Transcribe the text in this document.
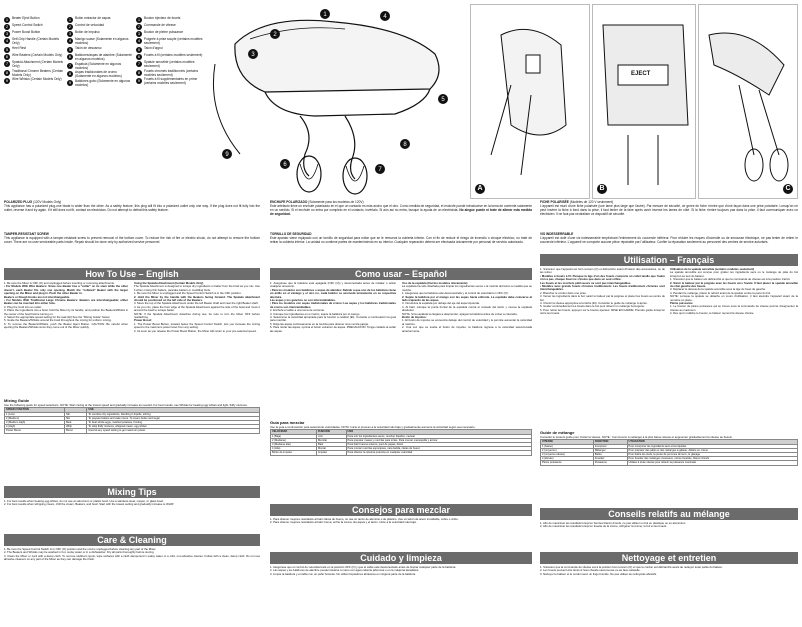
1	Beater Eject Button
2	Speed Control Switch
3	Power Boost Button
4	Self-Grip Handle (Certain Models Only)
5	Heel Rest
6	Wire Beaters (Certain Models Only)
7	Spatula Attachment (Certain Models Only)
8	Traditional Chrome Beaters (Certain Models Only)
9	Wire Whisks (Certain Models Only)
1	Botón extractor de aspas
2	Control de velocidad
3	Botón de impulso
4	Manigo suave (Solamente en algunos modelos)
5	Talón de descanso
6	Batidores/aspas de alambre (Solamente en algunos modelos)
7	Espátula (Solamente en algunos modelos)
8	Aspas tradicionales de cromo (Solamente en algunos modelos)
9	Batidores gobo (Solamente en algunos modelos)
1	Bouton éjecteur de fouets
2	Commande de vitesse
3	Bouton de pleine puissance
4	Poignée à prise souple (certains modèles seulement)
5	Talon d'appui
6	Fouets à fil (certains modèles seulement)
7	Spatule amovible (certains modèles seulement)
8	Fouets chromés traditionnels (certains modèles seulement)
9	Fouets à fil supplémentaires en prime (certains modèles seulement)
1
2
3
4
5
6
7
8
9
A
EJECT
B	C
POLARIZED PLUG (120V Models Only)
This appliance has a polarized plug-one blade is wider than the other. As a safety feature, this plug will fit into a polarized outlet only one way. If the plug does not fit fully into the outlet, reverse it and try again. If it still does not fit, contact an electrician. Do not attempt to defeat this safety feature.
ENCHUFE POLARIZADO (Solamente para los modelos de 120V)
Este artefacto tiene un enchufe polarizado en el que un contacto es más ancho que el otro. Como medida de seguridad, el enchufe puede introducirse en la toma de corriente solamente en un sentido. Si el enchufe no entra por completo en el contacto, invértalo. Si aún así no entra, busque la ayuda de un electricista. No alegue puede ni trate de alterar esta medida de seguridad.
FICHE POLARISÉE (Modèles de 120 V seulement)
L'appareil est muni d'une fiche polarisée (une lame plus large que l'autre). Par mesure de sécurité, ce genre de fiche n'entre que d'une façon dans une prise polarisée. Lorsqu'on ne peut insérer la fiche à fond dans la prise, il faut tenter de la faire après avoir inversé les lames de côté. Si la fiche n'entre toujours pas dans la prise, il faut communiquer avec un électricien. Il ne faut pas neutraliser ce dispositif de sécurité.
TAMPER-RESISTANT SCREW
This appliance is equipped with a tamper-resistant screw to prevent removal of the bottom cover. To reduce the risk of fire or electric shock, do not attempt to remove the bottom cover. There are no user serviceable parts inside. Repair should be done only by authorized service personnel.
TORNILLO DE SEGURIDAD
Este aparato viene equipado con un tornillo de seguridad para evitar que se le remueva la cubierta inferior. Con el fin de reducir el riesgo de incendio o choque eléctrico, no trate de retirar la cubierta inferior. La unidad no contiene partes de mantenimiento en su interior. Cualquier reparación deberá ser efectuada únicamente por personal de servicio autorizado.
VIS INDESSERRABLE
L'appareil est doté d'une vis indesserrable empêchant l'enlèvement du couvercle inférieur. Pour réduire les risques d'incendie ou de secousse électrique, ne pas tenter de retirer le couvercle inférieur. L'appareil ne comporte aucune pièce réparable par l'utilisateur. Confier la réparation seulement au personnel des centres de service autorisés.
How To Use – English
1. Be sure the Mixer is OFF (O) and unplugged before inserting or removing attachments.
• For Models With Wire Beaters: Since one Beater has a "collar" on its stem while the other doesn't, each Beater fits only one opening. Match the "collared" Beater with the larger opening on the Mixer and plug in. Push the other Beater in.
Beaters or Dough Hooks are not interchangeable.
• For Models With Traditional Large Chrome Beaters: Beaters are interchangeable; either Beater can be inserted into either hole.
2. Plug the Cord into an outlet.
3. Place the ingredients into a bowl, hold the Mixer by its handle, and position the Beaters/Whisks in the center of the bowl before turning on.
4. Select the appropriate speed setting for the task (EI) See the "Mixing Guide" below.
5. Guide the Beaters/Whisks around the bowl throughout the mixing for uniform mixing.
6. To remove the Beaters/Whisks, push the Beater Eject Button. CAUTION: Be careful when ejecting the Beaters/Whisks since they come out of the Mixer quickly.
Using the Spatula Attachment (Certain Models Only)
The Spatula Attachment is designed to scrape dry ingredients or batter from the bowl as you mix. Use it when mixing thin batters, pancake batters or muddling fruits.
1. Be sure the Mixer is unplugged and the Speed Control Switch is in the OFF position.
2. Hold the Mixer by the handle with the Beaters facing forward. The Spatula attachment should be positioned on the left side of the Beaters.
3. Move the top of the Spatula Attachment under the left Beater shaft and near the right Beater shaft.
4. As you mix, place the front edge of the Spatula Attachment against the side of the bowl and move it around the bowl to scrape batter.
NOTE: If the Spatula Attachment detaches during use, be sure to turn the Mixer OFF before reattaching.
Power Boost:
1. The Power Boost Button, located below the Speed Control Switch, lets you increase the mixing speed to the maximum power level from any setting.
2. As soon as you release the Power Boost Button, the Mixer will return to your pre-selected speed.
Mixing Guide
Use the following guide for speed selections. NOTE: Start mixing at the lowest speed and gradually increase as needed. For best results, use Whisks for beating egg whites and light, fluffy mixtures.
SPEED FUNCTION		USE
1 (Low)	Stir	To combine dry ingredients, blending in liquids, stirring
2 (Medium)	Mix	To prepare batters and cake mixes. To cream butter and sugar
3 (Medium High)	Beat	To beat whole eggs, mashed potatoes, frosting
4 (High)	Whip	To whip fluffy mixtures, whipped cream, egg whites
Power Boost	Boost	Used at any speed setting to get maximum power
Mixing Tips
1. For best results when beating egg whites, do not use an aluminum or plastic bowl. Use a stainless steel, copper, or glass bowl.
2. For best results when whipping cream, chill the cream, Beaters, and bowl. Start with the lowest setting and gradually increase to WHIP.
Care & Cleaning
1. Be sure the Speed Control Switch is in OFF (O) position and the cord is unplugged before cleaning any part of the Mixer.
2. The Beaters and Whisks may be washed in hot, sudsy water or in a dishwasher. Dry all parts thoroughly before storing.
3. Clean the Mixer or cord with a damp cloth. To remove stubborn spots, wipe surfaces with a cloth dampened in sudsy water or a mild, non-abrasive cleaner. Follow with a clean, damp cloth. Do not use abrasive cleaners on any part of the Mixer as they can damage the finish.
Como usar – Español
1. Asegúrese que la batidora esté apagada (OFF (O)) y desconectada antes de instalar o retirar cualquier accesorio.
• Para los modelos con batidores o aspas de alambre: Debido a que uno de los batidores tiene un anillo en el vástago y el otro no, cada batidor se acomoda únicamente en su respectiva abertura.
Las aspas y los ganchos no son intercambiables.
• Para los modelos con aspas tradicionales de cromo: Las aspas y los batidores tradicionales de cromo son intercambiables.
2. Enchufe el cable a una toma de corriente.
3. Coloque los ingredientes en un tazón, sujete la batidora por el mango.
4. Seleccione la velocidad apropiada para la función a realizar (EI). Consulte a continuación la guía para mezclar.
5. Dirija las aspas continuamente en la mezcla para obtener una mezcla pareja.
6. Para retirar las aspas, oprima el botón extractor de aspas. PRECAUCIÓN: Tenga cuidado al soltar las aspas.
Uso de la espátula (Ciertos modelos únicamente)
La espátula ha sido diseñada para limpiar los ingredientes secos o la mezcla del tazón a medida que se mezcla.
1. Asegúrese que la batidora esté desconectada y el control de velocidad en OFF (O).
2. Sujete la batidora por el mango con las aspas hacia enfrente. La espátula debe colocarse al lado izquierdo de las aspas.
3. Introduzca la espátula por debajo del eje del aspa izquierda.
4. Al batir, coloque la punta frontal de la espátula contra el costado del tazón y mueva la espátula alrededor.
NOTA: Si la espátula se llegara a desprender, apague la batidora antes de volver a colocarla.
Botón de impulso:
1. El botón de impulso se encuentra debajo del control de velocidad y le permite aumentar la velocidad al máximo.
2. Una vez que se suelte el botón de impulso, la batidora regresa a la velocidad seleccionada anteriormente.
Guía para mezclar
Use la guía a continuación para seleccionar velocidades. NOTA: Inicie el proceso a la velocidad más baja y gradualmente aumente la velocidad según sea necesario.
VELOCIDAD	FUNCIÓN	USO
1 (Baja)	Unir	Para unir los ingredientes secos, revolver líquidos, menear
2 (Mediana)	Mezclar	Para preparar masas y mezclas para tortas. Para cremar mantequilla y azúcar
3 (Mediana alta)	Batir	Para batir huevos enteros, puré de papas, betún
4 (Alta)	Montar	Para montar mezclas esponjosas, nata batida, claras de huevo
Botón de impulso	Impulso	Para obtener la máxima potencia en cualquier velocidad
Consejos para mezclar
1. Para obtener mejores resultados al batir claras de huevo, no use un tazón de aluminio o de plástico. Use un tazón de acero inoxidable, cobre o vidrio.
2. Para obtener mejores resultados al batir crema, enfríe la crema, las aspas y el tazón. Inicie a la velocidad más baja.
Cuidado y limpieza
1. Asegúrese que el control de velocidad esté en la posición OFF (O) y que el cable esté desconectado antes de limpiar cualquier parte de la batidora.
2. Las aspas y los batidores de alambre pueden lavarse a mano con agua caliente jabonosa o en la máquina lavaplatos.
3. Limpie la batidora y el cable con un paño húmedo. No utilice limpiadores abrasivos en ninguna parte de la batidora.
Utilisation – Français
1. S'assurer que l'appareil est hors tension (O) et débranché avant d'insérer des accessoires, ou de les retirer.
• Modèles à fouets à fil: Puisque la tige d'un des fouets comporte un collet tandis que l'autre n'en a pas, chaque fouet ne s'insère que dans un seul orifice.
Les fouets et les crochets pétrisseurs ne sont pas interchangeables.
• Modèles avec grands fouets chromés traditionnels: Les fouets traditionnels chromés sont interchangeables.
2. Brancher le cordon dans une prise.
3. Verser les ingrédients dans le bol, saisir le batteur par la poignée et placer les fouets au centre du bol.
4. Choisir la vitesse appropriée à la tâche (EI). Consulter le guide de mélange ci-après.
5. Guider continuellement les fouets dans le bol pour obtenir un mélange homogène.
6. Pour retirer les fouets, appuyer sur le bouton éjecteur. MISE EN GARDE: Prendre garde lorsqu'on retire les fouets.
Utilisation de la spatule amovible (certains modèles seulement)
La spatule amovible est conçue pour gratter les ingrédients secs ou le mélange de pâte du bol lorsqu'on se sert du batteur.
1. S'assurer que le batteur est débranché et que la commande de vitesse est à la position d'arrêt.
2. Saisir le batteur par la poignée avec les fouets vers l'avant. Il faut placer la spatule amovible du côté gauche des fouets.
3. Déplacer le dessus de la spatule amovible sous la tige du fouet de gauche.
4. Pendant le mélange, placer le rebord avant de la spatule contre la paroi du bol.
NOTE: Lorsque la spatule se détache en cours d'utilisation, il faut éteindre l'appareil avant de la remettre en place.
Pleine puissance
1. Le bouton de pleine puissance qui se trouve sous la commande de vitesse permet d'augmenter la vitesse au maximum.
2. Dès qu'on relâche le bouton, le batteur reprend la vitesse choisie.
Guide de mélange
Consulter le présent guide pour choisir la vitesse. NOTE : Commencer à mélanger à la plus basse vitesse et augmenter graduellement la vitesse au besoin.
VITESSE	FONCTION	UTILISATION
1 (basse)	Incorporer	Pour incorporer les ingrédients secs et les liquides
2 (moyenne)	Mélanger	Pour préparer des pâtes et des mélanges à gâteau, défaire en crème
3 (moyenne élevée)	Battre	Pour battre les œufs, la purée de pommes de terre, le glaçage
4 (élevée)	Fouetter	Pour fouetter des mélanges mousseux, crème fouettée, blancs d'œufs
Pleine puissance	Puissance	Utilisée à toute vitesse pour obtenir la puissance maximale
Conseils relatifs au mélange
1. Afin de maximiser les résultats lorsqu'on bat des blancs d'œufs, ne pas utiliser un bol en plastique ou en aluminium.
2. Afin de maximiser les résultats lorsqu'on fouette de la crème, réfrigérer la crème, le bol et les fouets.
Nettoyage et entretien
1. S'assurer que la commande de vitesse est à la position hors tension (O) et que le cordon est débranché avant de nettoyer toute partie du batteur.
2. Les fouets peuvent être lavés à l'eau chaude savonneuse ou au lave-vaisselle.
3. Nettoyer le batteur et le cordon avec un linge humide. Ne pas utiliser de nettoyants abrasifs.
